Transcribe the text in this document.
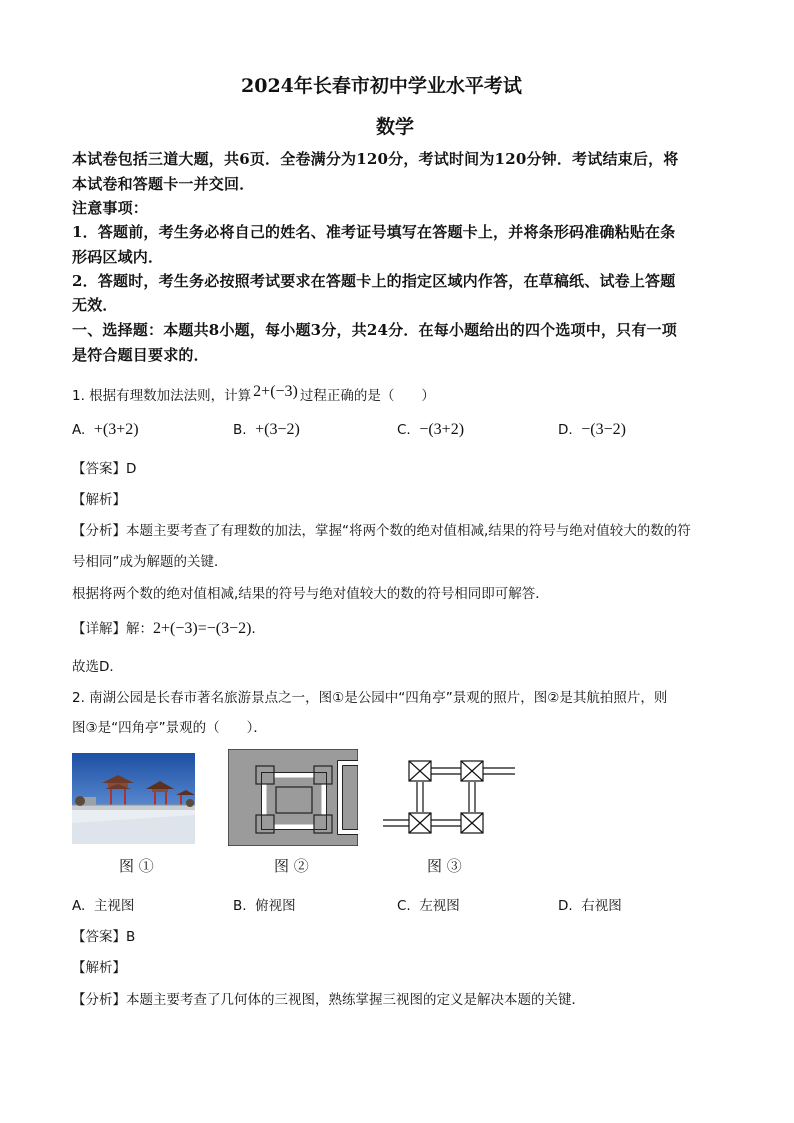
2024年长春市初中学业水平考试
数学
本试卷包括三道大题，共6页．全卷满分为120分，考试时间为120分钟．考试结束后，将
本试卷和答题卡一并交回．
注意事项：
1．答题前，考生务必将自己的姓名、准考证号填写在答题卡上，并将条形码准确粘贴在条
形码区域内．
2．答题时，考生务必按照考试要求在答题卡上的指定区域内作答，在草稿纸、试卷上答题
无效．
一、选择题：本题共8小题，每小题3分，共24分．在每小题给出的四个选项中，只有一项
是符合题目要求的．
1. 根据有理数加法法则，计算 2+(−3) 过程正确的是（　　）
A. +(3+2)	B. +(3−2)	C. −(3+2)	D. −(3−2)
【答案】D
【解析】
【分析】本题主要考查了有理数的加法，掌握“将两个数的绝对值相减,结果的符号与绝对值较大的数的符
号相同”成为解题的关键．
根据将两个数的绝对值相减,结果的符号与绝对值较大的数的符号相同即可解答．
【详解】解：2+(−3)=−(3−2)．
故选D．
2. 南湖公园是长春市著名旅游景点之一，图①是公园中“四角亭”景观的照片，图②是其航拍照片，则
图③是“四角亭”景观的（　　）．
图 ①	图 ②	图 ③
A. 主视图	B. 俯视图	C. 左视图	D. 右视图
【答案】B
【解析】
【分析】本题主要考查了几何体的三视图，熟练掌握三视图的定义是解决本题的关键．
